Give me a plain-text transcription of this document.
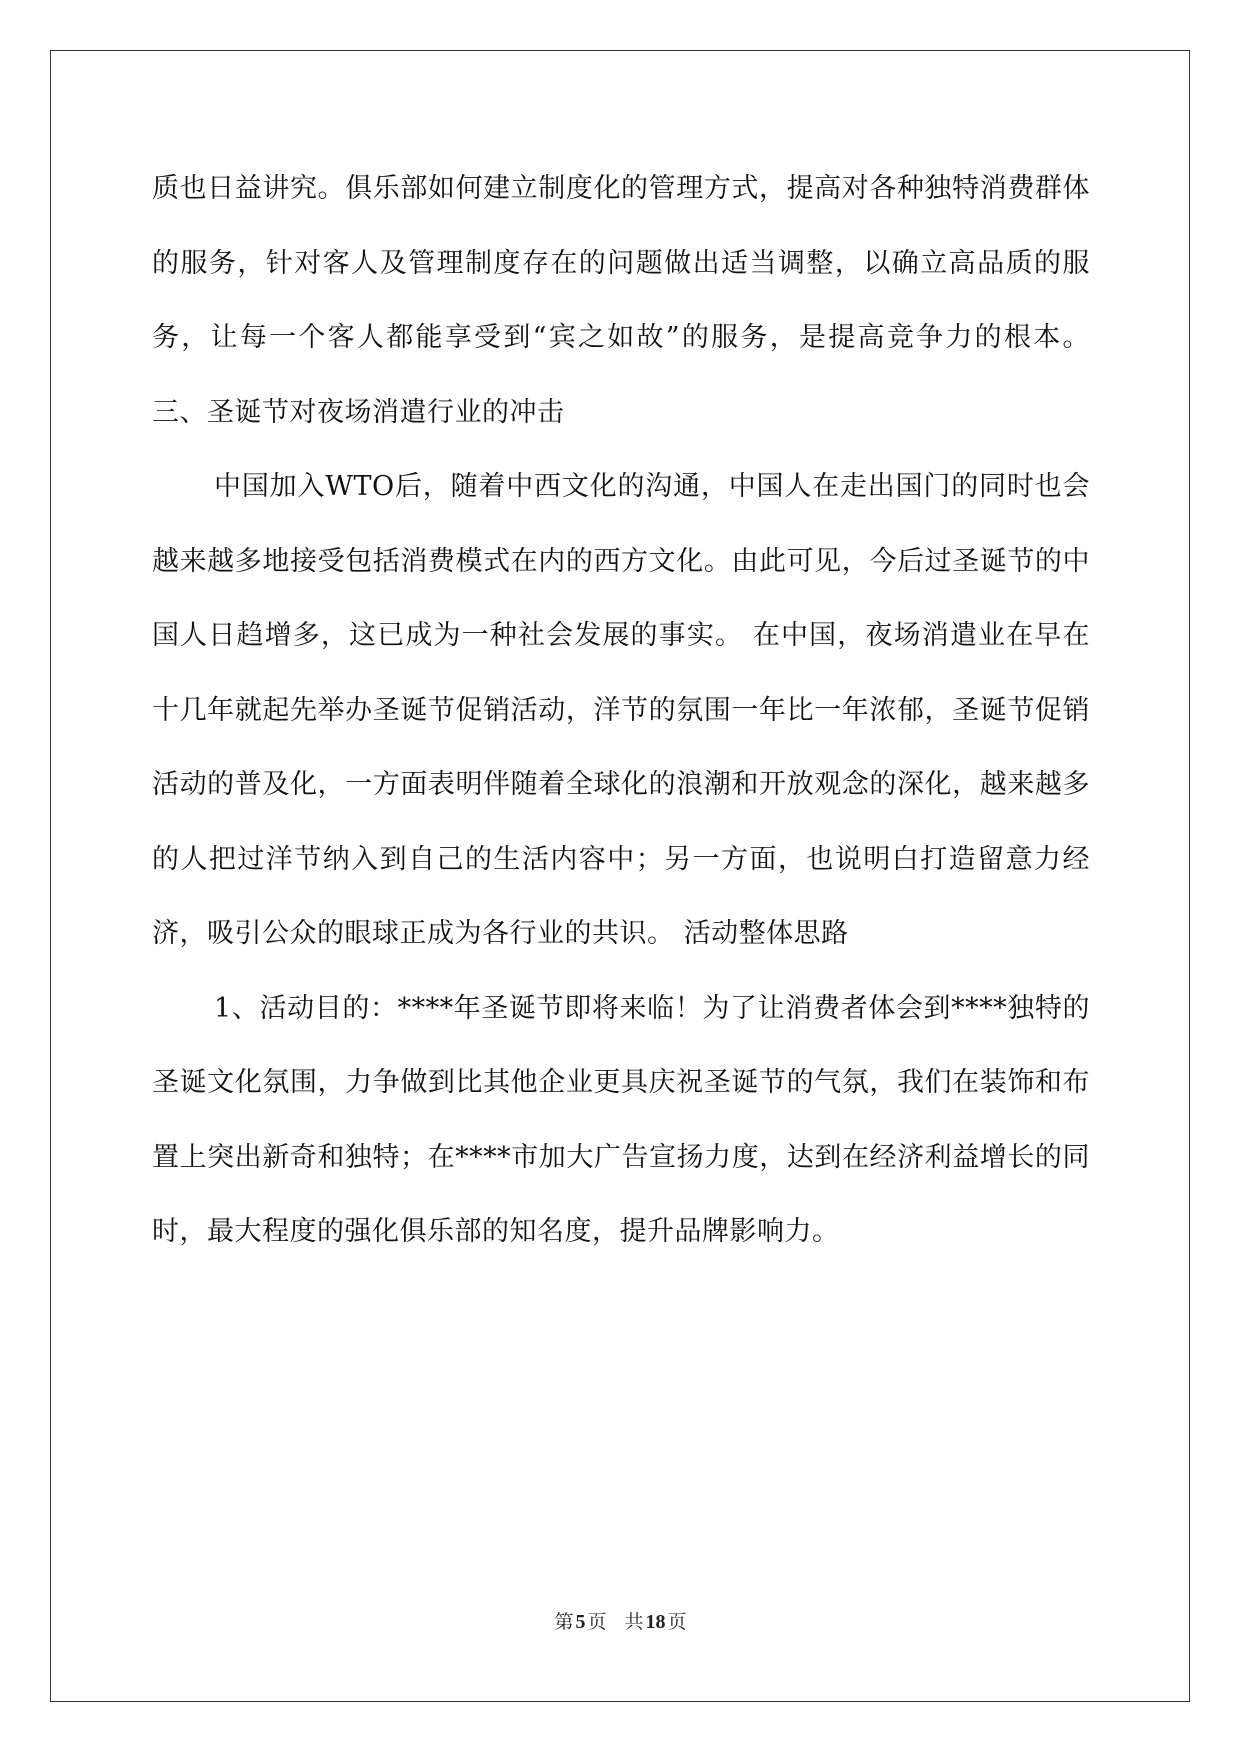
质也日益讲究。俱乐部如何建立制度化的管理方式，提高对各种独特消费群体的服务，针对客人及管理制度存在的问题做出适当调整，以确立高品质的服务，让每一个客人都能享受到“宾之如故”的服务，是提高竞争力的根本。 三、圣诞节对夜场消遣行业的冲击

中国加入WTO后，随着中西文化的沟通，中国人在走出国门的同时也会越来越多地接受包括消费模式在内的西方文化。由此可见，今后过圣诞节的中国人日趋增多，这已成为一种社会发展的事实。 在中国，夜场消遣业在早在十几年就起先举办圣诞节促销活动，洋节的氛围一年比一年浓郁，圣诞节促销活动的普及化，一方面表明伴随着全球化的浪潮和开放观念的深化，越来越多的人把过洋节纳入到自己的生活内容中；另一方面，也说明白打造留意力经济，吸引公众的眼球正成为各行业的共识。 活动整体思路

1、活动目的：****年圣诞节即将来临！为了让消费者体会到****独特的圣诞文化氛围，力争做到比其他企业更具庆祝圣诞节的气氛，我们在装饰和布置上突出新奇和独特；在****市加大广告宣扬力度，达到在经济利益增长的同时，最大程度的强化俱乐部的知名度，提升品牌影响力。

第 5 页 共 18 页
